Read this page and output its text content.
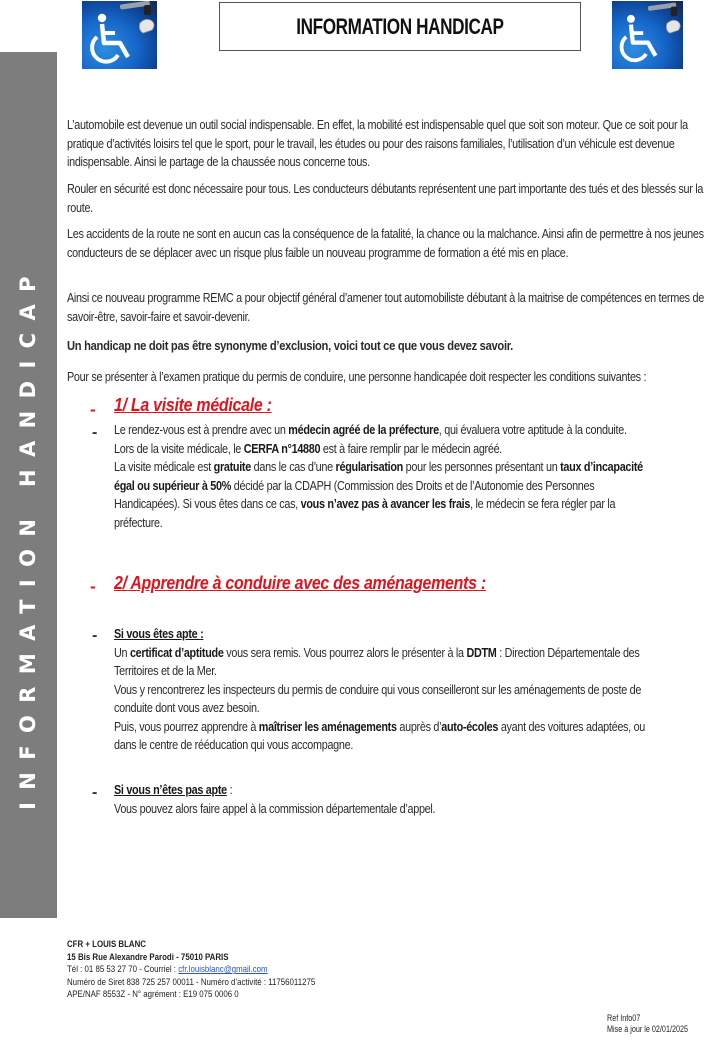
INFORMATION HANDICAP
INFORMATION HANDICAP

L’automobile est devenue un outil social indispensable. En effet, la mobilité est indispensable quel que soit son moteur. Que ce soit pour la pratique d’activités loisirs tel que le sport, pour le travail, les études ou pour des raisons familiales, l’utilisation d’un véhicule est devenue indispensable. Ainsi le partage de la chaussée nous concerne tous.

Rouler en sécurité est donc nécessaire pour tous. Les conducteurs débutants représentent une part importante des tués et des blessés sur la route.

Les accidents de la route ne sont en aucun cas la conséquence de la fatalité, la chance ou la malchance. Ainsi afin de permettre à nos jeunes conducteurs de se déplacer avec un risque plus faible un nouveau programme de formation a été mis en place.

Ainsi ce nouveau programme REMC a pour objectif général d’amener tout automobiliste débutant à la maitrise de compétences en termes de savoir-être, savoir-faire et savoir-devenir.

Un handicap ne doit pas être synonyme d’exclusion, voici tout ce que vous devez savoir.

Pour se présenter à l’examen pratique du permis de conduire, une personne handicapée doit respecter les conditions suivantes :

- 1/ La visite médicale :

- Le rendez-vous est à prendre avec un médecin agréé de la préfecture, qui évaluera votre aptitude à la conduite.

Lors de la visite médicale, le CERFA n°14880 est à faire remplir par le médecin agréé.

La visite médicale est gratuite dans le cas d’une régularisation pour les personnes présentant un taux d’incapacité égal ou supérieur à 50% décidé par la CDAPH (Commission des Droits et de l’Autonomie des Personnes Handicapées). Si vous êtes dans ce cas, vous n’avez pas à avancer les frais, le médecin se fera régler par la préfecture.

- 2/ Apprendre à conduire avec des aménagements :

- Si vous êtes apte :

Un certificat d’aptitude vous sera remis. Vous pourrez alors le présenter à la DDTM : Direction Départementale des Territoires et de la Mer.

Vous y rencontrerez les inspecteurs du permis de conduire qui vous conseilleront sur les aménagements de poste de conduite dont vous avez besoin.

Puis, vous pourrez apprendre à maîtriser les aménagements auprès d’auto-écoles ayant des voitures adaptées, ou dans le centre de rééducation qui vous accompagne.

- Si vous n’êtes pas apte :

Vous pouvez alors faire appel à la commission départementale d’appel.

CFR + LOUIS BLANC
15 Bis Rue Alexandre Parodi - 75010 PARIS
Tél : 01 85 53 27 70 - Courriel : cfr.louisblanc@gmail.com
Numéro de Siret 838 725 257 00011 - Numéro d’activité : 11756011275
APE/NAF 8553Z - N° agrément : E19 075 0006 0
Ref Info07
Mise à jour le 02/01/2025
